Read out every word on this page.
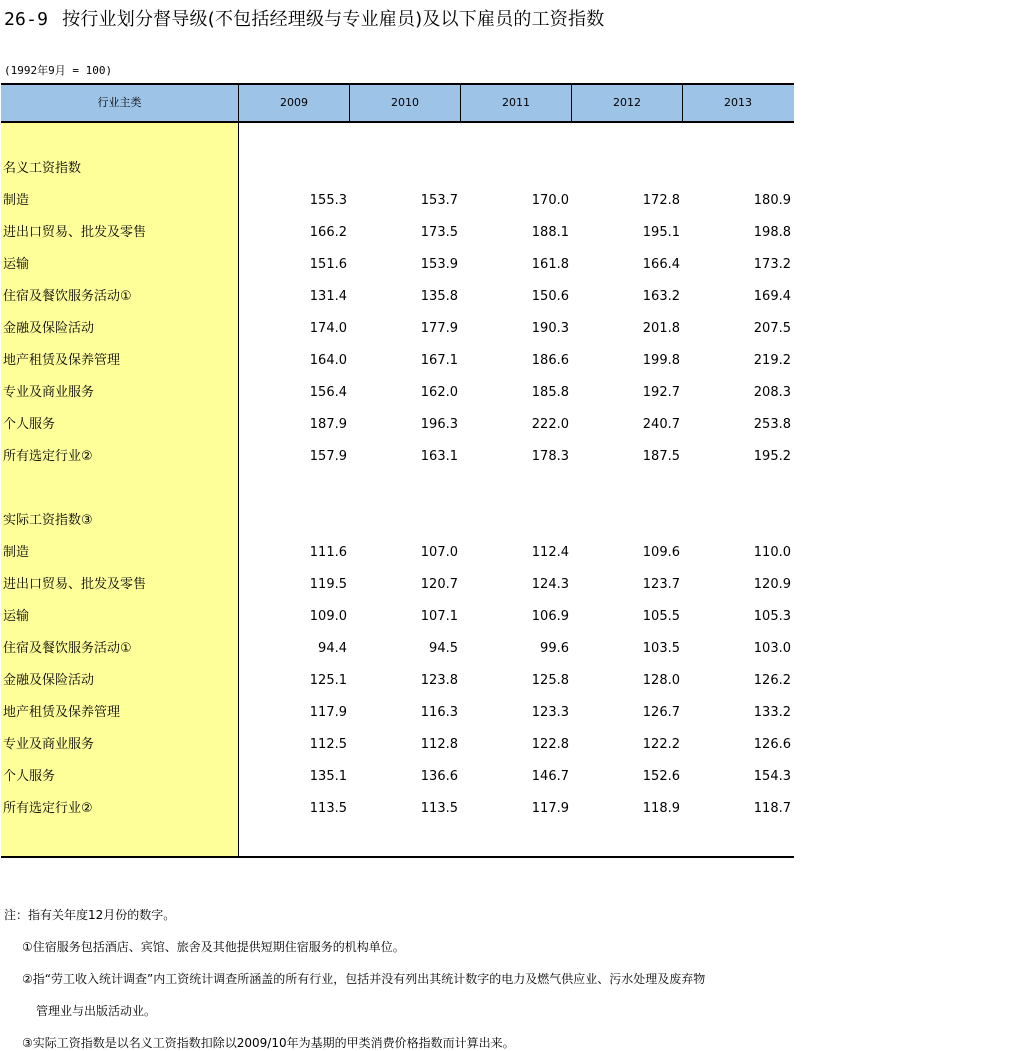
26-9 按行业划分督导级(不包括经理级与专业雇员)及以下雇员的工资指数
(1992年9月 = 100)
行业主类	2009	2010	2011	2012	2013
名义工资指数
制造	155.3	153.7	170.0	172.8	180.9
进出口贸易、批发及零售	166.2	173.5	188.1	195.1	198.8
运输	151.6	153.9	161.8	166.4	173.2
住宿及餐饮服务活动①	131.4	135.8	150.6	163.2	169.4
金融及保险活动	174.0	177.9	190.3	201.8	207.5
地产租赁及保养管理	164.0	167.1	186.6	199.8	219.2
专业及商业服务	156.4	162.0	185.8	192.7	208.3
个人服务	187.9	196.3	222.0	240.7	253.8
所有选定行业②	157.9	163.1	178.3	187.5	195.2
实际工资指数③
制造	111.6	107.0	112.4	109.6	110.0
进出口贸易、批发及零售	119.5	120.7	124.3	123.7	120.9
运输	109.0	107.1	106.9	105.5	105.3
住宿及餐饮服务活动①	94.4	94.5	99.6	103.5	103.0
金融及保险活动	125.1	123.8	125.8	128.0	126.2
地产租赁及保养管理	117.9	116.3	123.3	126.7	133.2
专业及商业服务	112.5	112.8	122.8	122.2	126.6
个人服务	135.1	136.6	146.7	152.6	154.3
所有选定行业②	113.5	113.5	117.9	118.9	118.7
注：指有关年度12月份的数字。
①住宿服务包括酒店、宾馆、旅舍及其他提供短期住宿服务的机构单位。
②指“劳工收入统计调查”内工资统计调查所涵盖的所有行业，包括并没有列出其统计数字的电力及燃气供应业、污水处理及废弃物
管理业与出版活动业。
③实际工资指数是以名义工资指数扣除以2009/10年为基期的甲类消费价格指数而计算出来。
